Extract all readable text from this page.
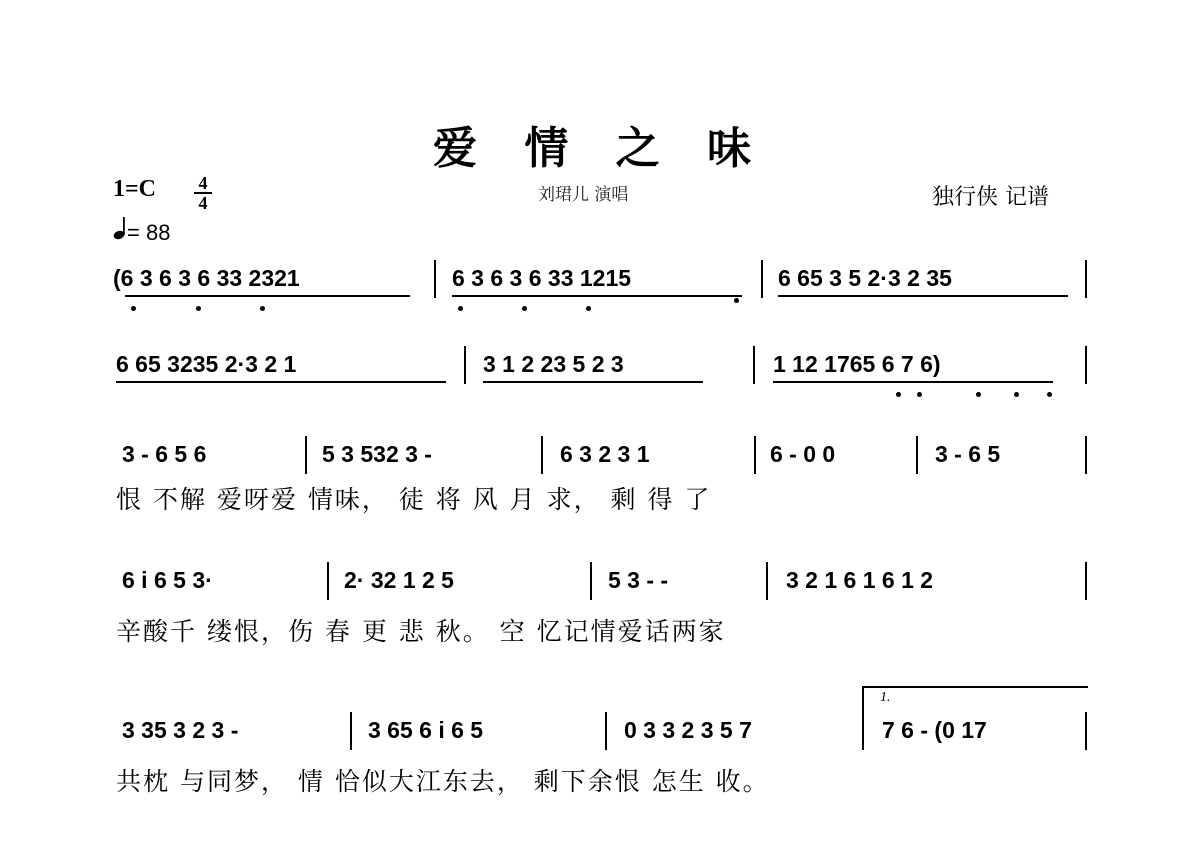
爱 情 之 味
刘珺儿 演唱	独行侠 记谱
1=C	4
4
= 88
(6 3 6 3 6 33 2321	6 3 6 3 6 33 1215	6 65 3 5 2·3 2 35
6 65 3235 2·3 2 1	3 1 2 23 5 2 3	1 12 1765 6 7 6)
3 - 6 5 6	5 3 532 3 -	6 3 2 3 1	6 - 0 0	3 - 6 5
恨 不解 爱呀爱 情味， 徒 将 风 月 求， 剩 得 了
6 i 6 5 3·	2· 32 1 2 5	5 3 - -	3 2 1 6 1 6 1 2
辛酸千 缕恨，伤 春 更 悲 秋。 空 忆记情爱话两家
1.
3 35 3 2 3 -	3 65 6 i 6 5	0 3 3 2 3 5 7	7 6 - (0 17
共枕 与同梦， 情 恰似大江东去， 剩下余恨 怎生 收。
